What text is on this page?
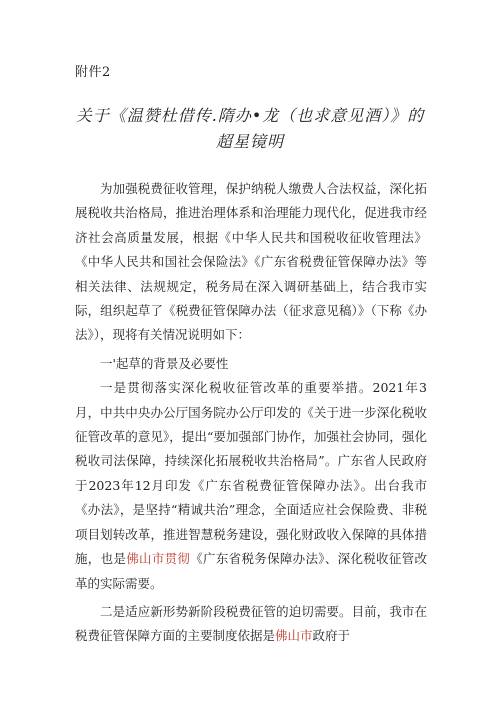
附件2
关于《温赞杜借传.隋办•龙（也求意见酒）》的
超星镜明

为加强税费征收管理，保护纳税人缴费人合法权益，深化拓展税收共治格局，推进治理体系和治理能力现代化，促进我市经济社会高质量发展，根据《中华人民共和国税收征收管理法》《中华人民共和国社会保险法》《广东省税费征管保障办法》等相关法律、法规规定，税务局在深入调研基础上，结合我市实际，组织起草了《税费征管保障办法（征求意见稿）》（下称《办法》），现将有关情况说明如下：

一'起草的背景及必要性

一是贯彻落实深化税收征管改革的重要举措。2021年3月，中共中央办公厅国务院办公厅印发的《关于进一步深化税收征管改革的意见》，提出“要加强部门协作，加强社会协同，强化税收司法保障，持续深化拓展税收共治格局”。广东省人民政府于2023年12月印发《广东省税费征管保障办法》。出台我市《办法》，是坚持“精诚共治”理念，全面适应社会保险费、非税项目划转改革，推进智慧税务建设，强化财政收入保障的具体措施，也是佛山市贯彻《广东省税务保障办法》、深化税收征管改革的实际需要。

二是适应新形势新阶段税费征管的迫切需要。目前，我市在税费征管保障方面的主要制度依据是佛山市政府于
